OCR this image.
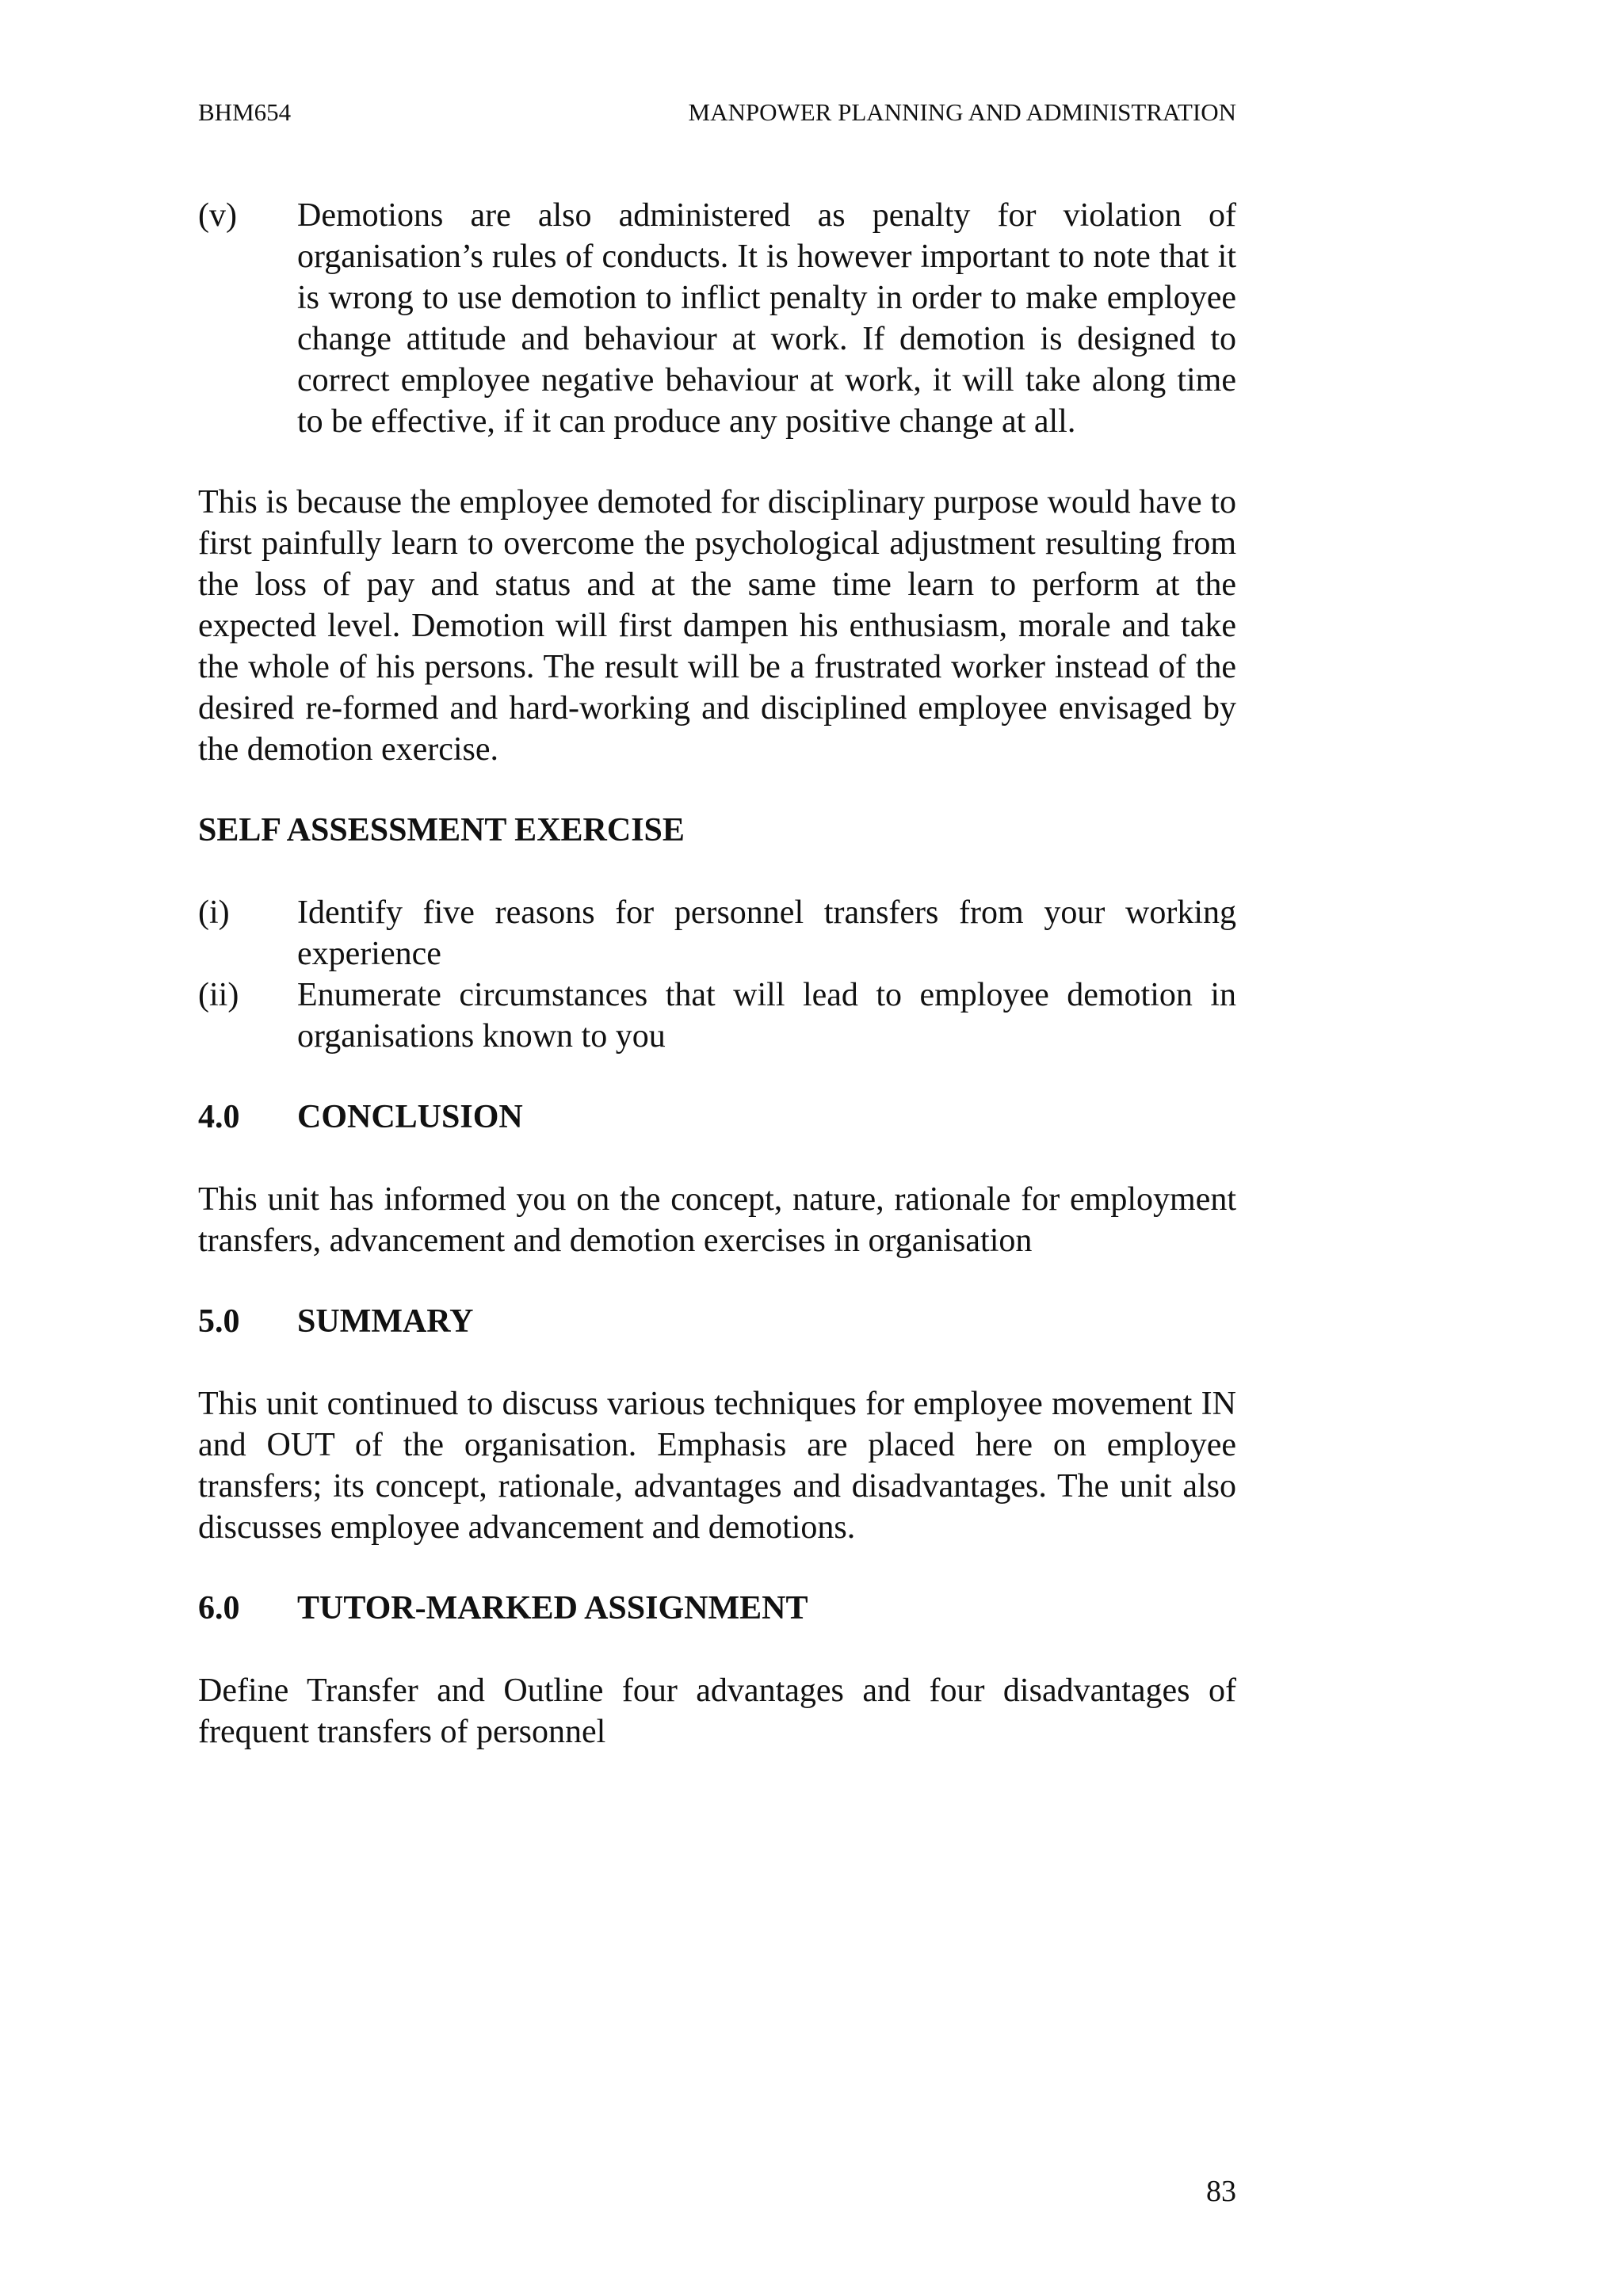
BHM654	MANPOWER PLANNING AND ADMINISTRATION
(v)	Demotions are also administered as penalty for violation of organisation’s rules of conducts. It is however important to note that it is wrong to use demotion to inflict penalty in order to make employee change attitude and behaviour at work. If demotion is designed to correct employee negative behaviour at work, it will take along time to be effective, if it can produce any positive change at all.

This is because the employee demoted for disciplinary purpose would have to first painfully learn to overcome the psychological adjustment resulting from the loss of pay and status and at the same time learn to perform at the expected level. Demotion will first dampen his enthusiasm, morale and take the whole of his persons. The result will be a frustrated worker instead of the desired re-formed and hard-working and disciplined employee envisaged by the demotion exercise.

SELF ASSESSMENT EXERCISE

(i)	Identify five reasons for personnel transfers from your working experience
(ii)	Enumerate circumstances that will lead to employee demotion in organisations known to you
4.0	CONCLUSION

This unit has informed you on the concept, nature, rationale for employment transfers, advancement and demotion exercises in organisation

5.0	SUMMARY

This unit continued to discuss various techniques for employee movement IN and OUT of the organisation. Emphasis are placed here on employee transfers; its concept, rationale, advantages and disadvantages. The unit also discusses employee advancement and demotions.

6.0	TUTOR-MARKED ASSIGNMENT

Define Transfer and Outline four advantages and four disadvantages of frequent transfers of personnel

83
